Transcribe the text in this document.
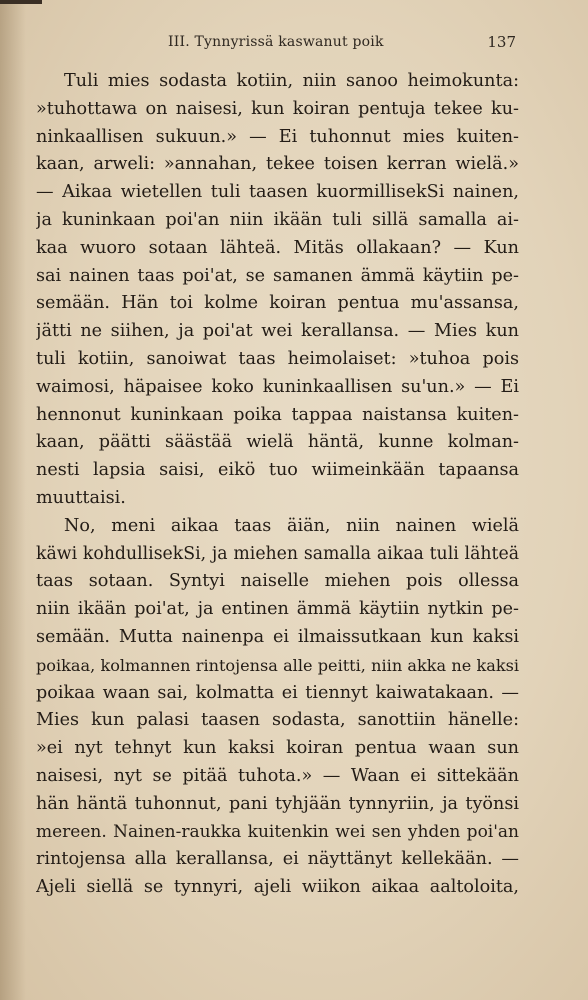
III. Tynnyrissä kaswanut poik	137
Tuli mies sodasta kotiin, niin sanoo heimokunta:
»tuhottawa on naisesi, kun koiran pentuja tekee ku-
ninkaallisen sukuun.» — Ei tuhonnut mies kuiten-
kaan, arweli: »annahan, tekee toisen kerran wielä.»
— Aikaa wietellen tuli taasen kuormillisekSi nainen,
ja kuninkaan poi'an niin ikään tuli sillä samalla ai-
kaa wuoro sotaan lähteä. Mitäs ollakaan? — Kun
sai nainen taas poi'at, se samanen ämmä käytiin pe-
semään. Hän toi kolme koiran pentua mu'assansa,
jätti ne siihen, ja poi'at wei kerallansa. — Mies kun
tuli kotiin, sanoiwat taas heimolaiset: »tuhoa pois
waimosi, häpaisee koko kuninkaallisen su'un.» — Ei
hennonut kuninkaan poika tappaa naistansa kuiten-
kaan, päätti säästää wielä häntä, kunne kolman-
nesti lapsia saisi, eikö tuo wiimeinkään tapaansa
muuttaisi.
No, meni aikaa taas äiän, niin nainen wielä
käwi kohdullisekSi, ja miehen samalla aikaa tuli lähteä
taas sotaan. Syntyi naiselle miehen pois ollessa
niin ikään poi'at, ja entinen ämmä käytiin nytkin pe-
semään. Mutta nainenpa ei ilmaissutkaan kun kaksi
poikaa, kolmannen rintojensa alle peitti, niin akka ne kaksi
poikaa waan sai, kolmatta ei tiennyt kaiwatakaan. —
Mies kun palasi taasen sodasta, sanottiin hänelle:
»ei nyt tehnyt kun kaksi koiran pentua waan sun
naisesi, nyt se pitää tuhota.» — Waan ei sittekään
hän häntä tuhonnut, pani tyhjään tynnyriin, ja työnsi
mereen. Nainen-raukka kuitenkin wei sen yhden poi'an
rintojensa alla kerallansa, ei näyttänyt kellekään. —
Ajeli siellä se tynnyri, ajeli wiikon aikaa aaltoloita,
